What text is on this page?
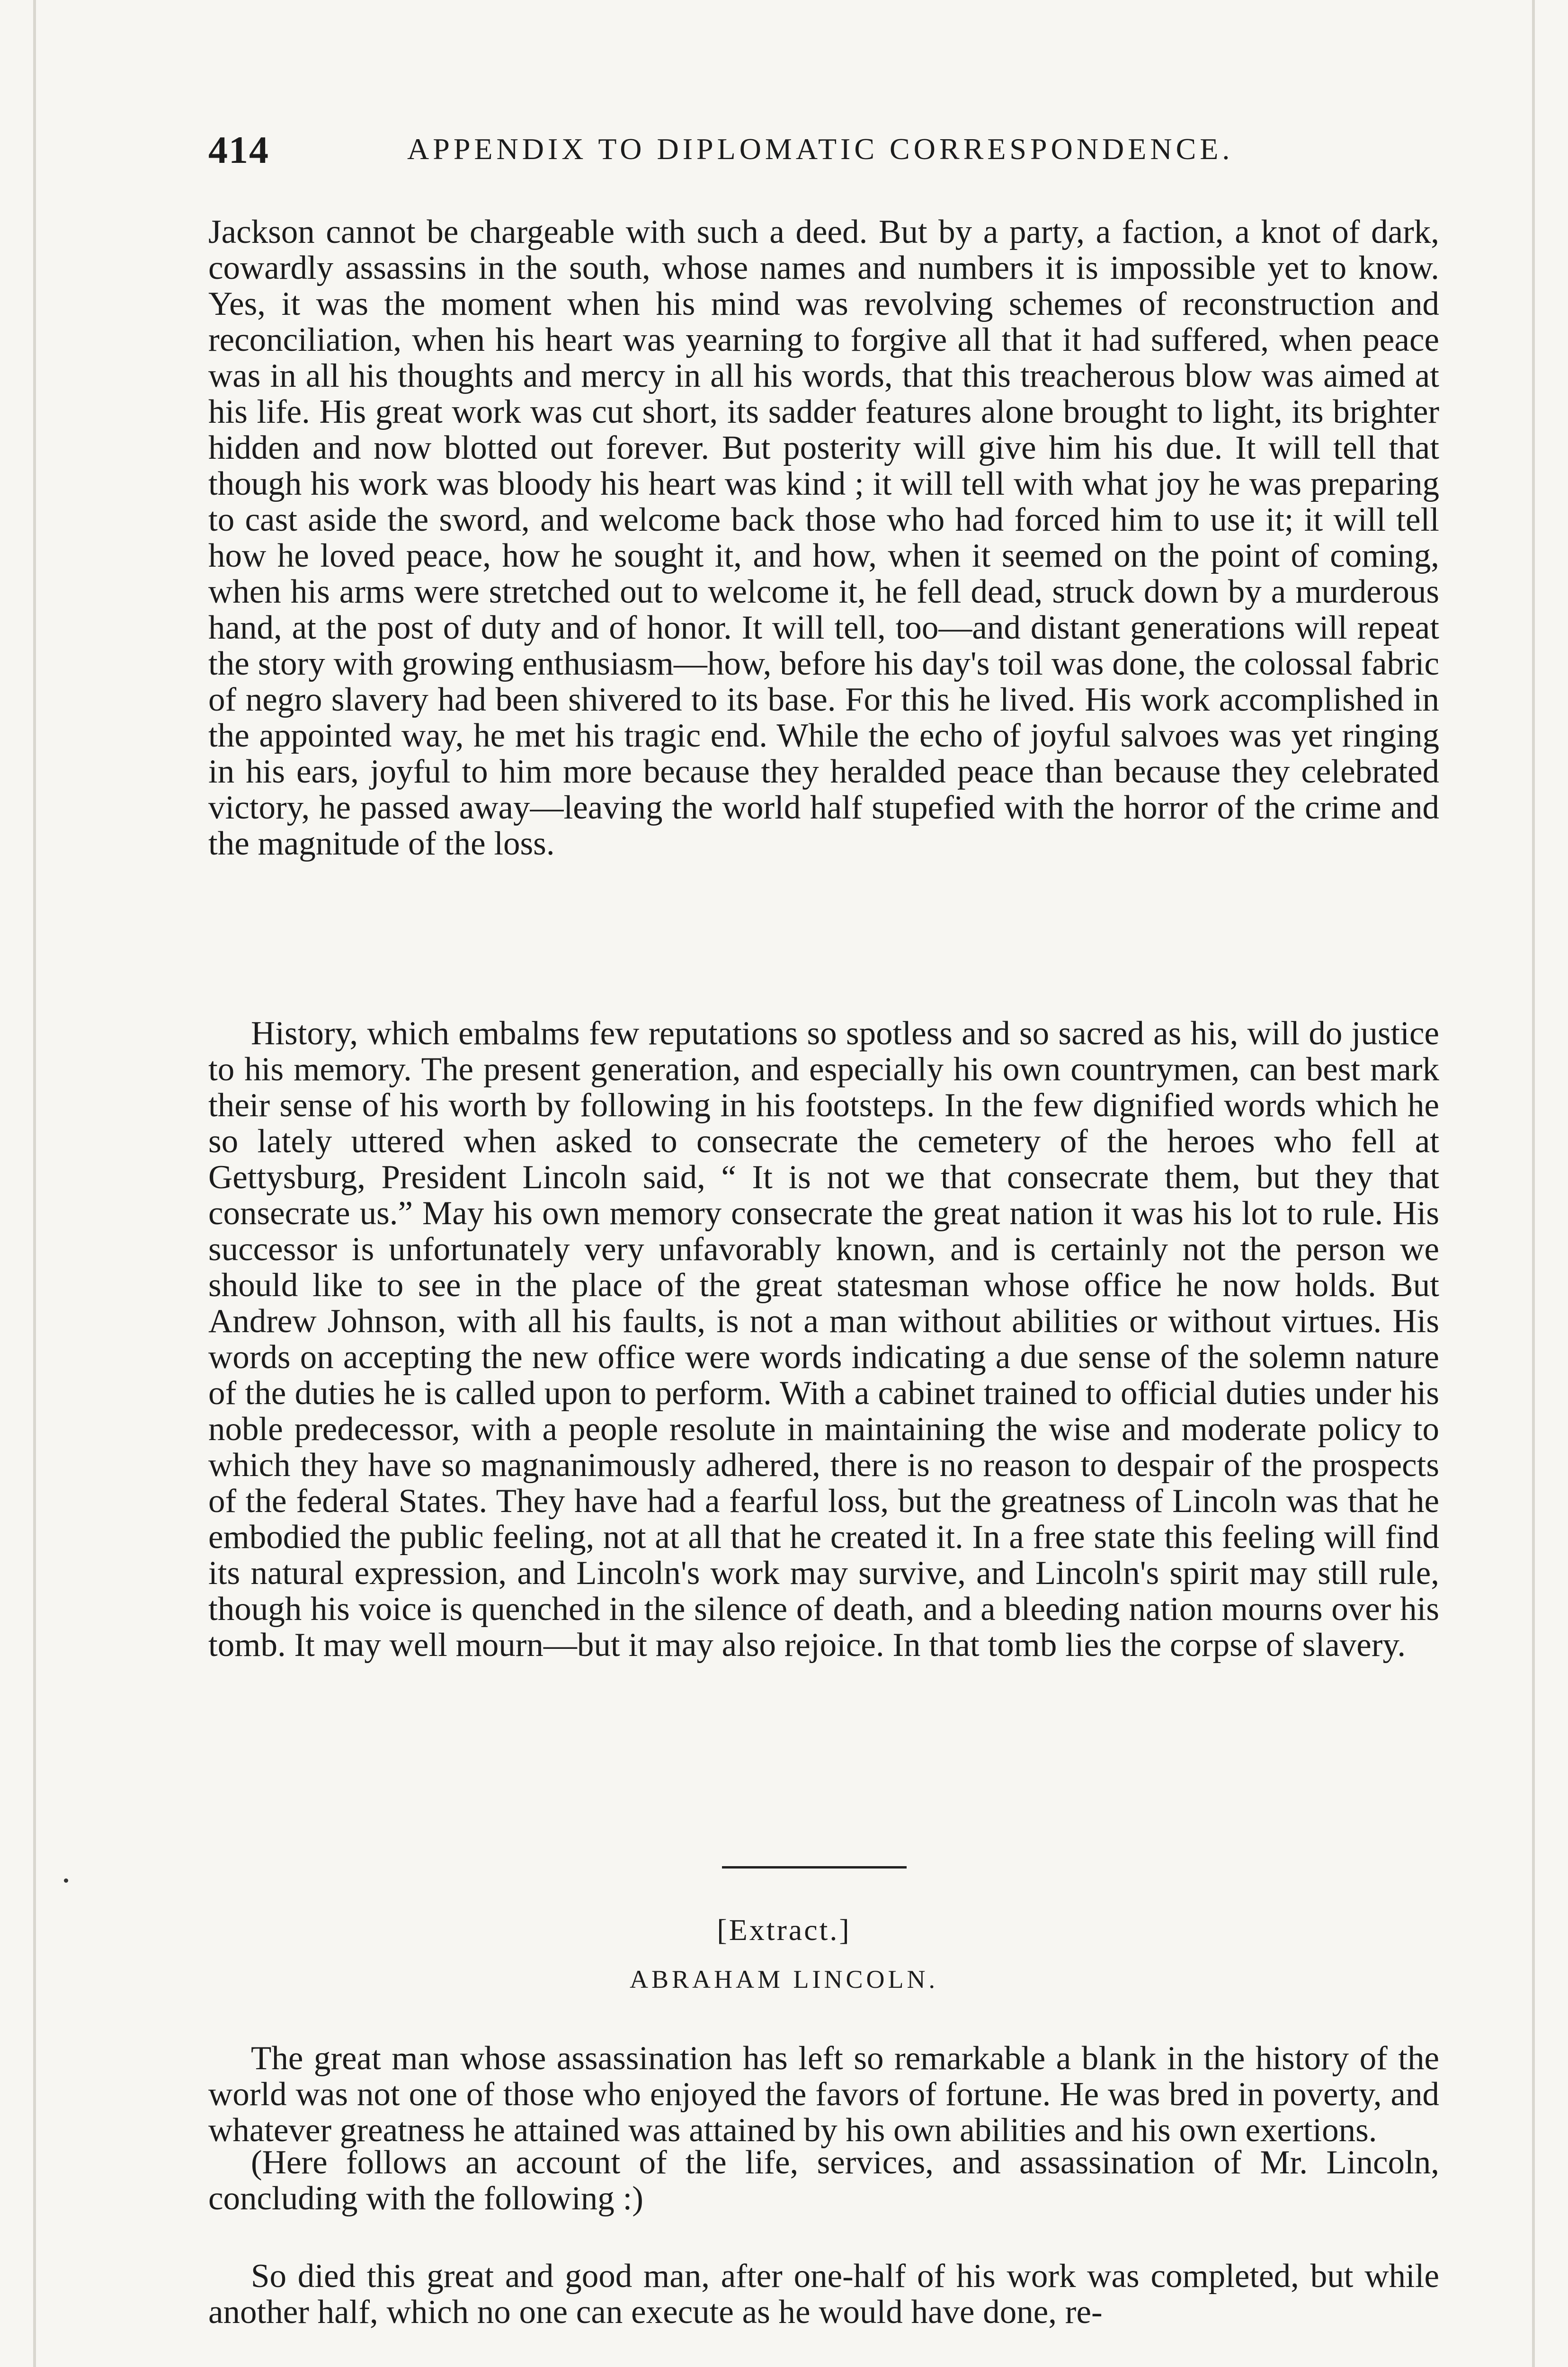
414	APPENDIX TO DIPLOMATIC CORRESPONDENCE.

Jackson cannot be chargeable with such a deed. But by a party, a faction, a knot of dark, cowardly assassins in the south, whose names and numbers it is impossible yet to know. Yes, it was the moment when his mind was revolving schemes of reconstruction and reconciliation, when his heart was yearning to forgive all that it had suffered, when peace was in all his thoughts and mercy in all his words, that this treacherous blow was aimed at his life. His great work was cut short, its sadder features alone brought to light, its brighter hidden and now blotted out forever. But posterity will give him his due. It will tell that though his work was bloody his heart was kind ; it will tell with what joy he was preparing to cast aside the sword, and welcome back those who had forced him to use it; it will tell how he loved peace, how he sought it, and how, when it seemed on the point of coming, when his arms were stretched out to welcome it, he fell dead, struck down by a murderous hand, at the post of duty and of honor. It will tell, too—and distant generations will repeat the story with growing enthusiasm—how, before his day's toil was done, the colossal fabric of negro slavery had been shivered to its base. For this he lived. His work accomplished in the appointed way, he met his tragic end. While the echo of joyful salvoes was yet ringing in his ears, joyful to him more because they heralded peace than because they celebrated victory, he passed away—leaving the world half stupefied with the horror of the crime and the magnitude of the loss.

History, which embalms few reputations so spotless and so sacred as his, will do justice to his memory. The present generation, and especially his own countrymen, can best mark their sense of his worth by following in his footsteps. In the few dignified words which he so lately uttered when asked to consecrate the cemetery of the heroes who fell at Gettysburg, President Lincoln said, “ It is not we that consecrate them, but they that consecrate us.” May his own memory consecrate the great nation it was his lot to rule. His successor is unfortunately very unfavorably known, and is certainly not the person we should like to see in the place of the great statesman whose office he now holds. But Andrew Johnson, with all his faults, is not a man without abilities or without virtues. His words on accepting the new office were words indicating a due sense of the solemn nature of the duties he is called upon to perform. With a cabinet trained to official duties under his noble predecessor, with a people resolute in maintaining the wise and moderate policy to which they have so magnanimously adhered, there is no reason to despair of the prospects of the federal States. They have had a fearful loss, but the greatness of Lincoln was that he embodied the public feeling, not at all that he created it. In a free state this feeling will find its natural expression, and Lincoln's work may survive, and Lincoln's spirit may still rule, though his voice is quenched in the silence of death, and a bleeding nation mourns over his tomb. It may well mourn—but it may also rejoice. In that tomb lies the corpse of slavery.

[Extract.]
ABRAHAM LINCOLN.

The great man whose assassination has left so remarkable a blank in the history of the world was not one of those who enjoyed the favors of fortune. He was bred in poverty, and whatever greatness he attained was attained by his own abilities and his own exertions.

(Here follows an account of the life, services, and assassination of Mr. Lincoln, concluding with the following :)

So died this great and good man, after one-half of his work was completed, but while another half, which no one can execute as he would have done, re-
